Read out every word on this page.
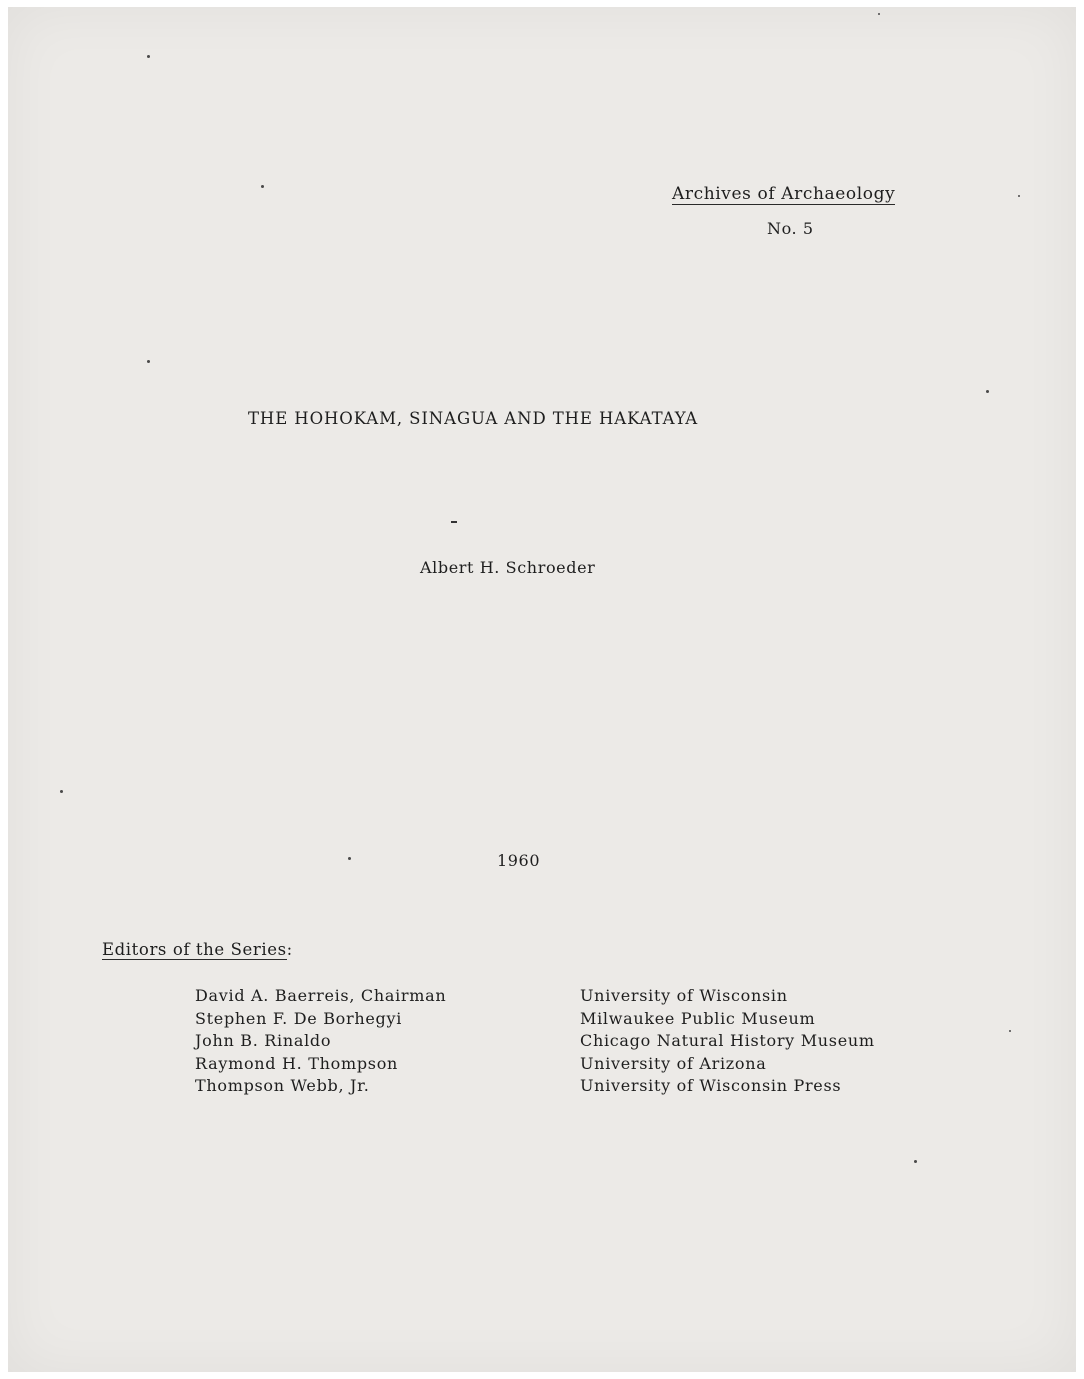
Archives of Archaeology
No. 5
THE HOHOKAM, SINAGUA AND THE HAKATAYA
Albert H. Schroeder
1960
Editors of the Series:
David A. Baerreis, Chairman
Stephen F. De Borhegyi
John B. Rinaldo
Raymond H. Thompson
Thompson Webb, Jr.
University of Wisconsin
Milwaukee Public Museum
Chicago Natural History Museum
University of Arizona
University of Wisconsin Press
